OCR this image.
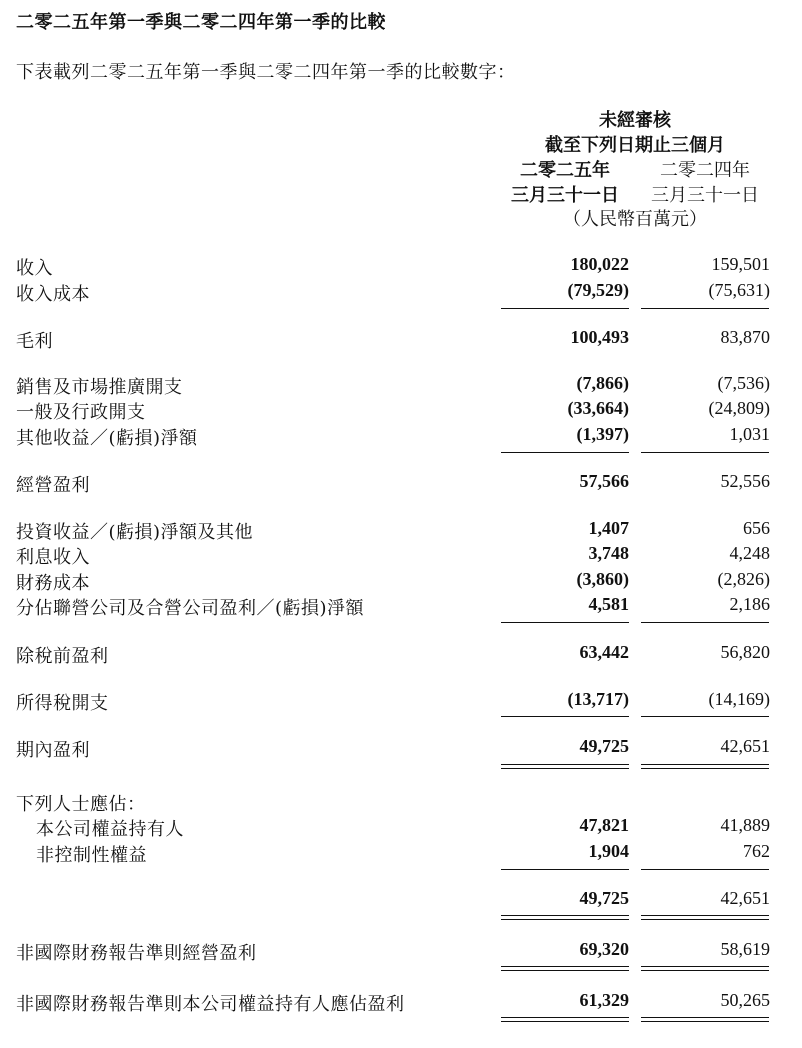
二零二五年第一季與二零二四年第一季的比較
下表載列二零二五年第一季與二零二四年第一季的比較數字：
未經審核
截至下列日期止三個月
二零二五年	二零二四年
三月三十一日	三月三十一日
（人民幣百萬元）
收入	180,022	159,501
收入成本	(79,529)	(75,631)
毛利	100,493	83,870
銷售及市場推廣開支	(7,866)	(7,536)
一般及行政開支	(33,664)	(24,809)
其他收益／(虧損)淨額	(1,397)	1,031
經營盈利	57,566	52,556
投資收益／(虧損)淨額及其他	1,407	656
利息收入	3,748	4,248
財務成本	(3,860)	(2,826)
分佔聯營公司及合營公司盈利／(虧損)淨額	4,581	2,186
除稅前盈利	63,442	56,820
所得稅開支	(13,717)	(14,169)
期內盈利	49,725	42,651
下列人士應佔：
本公司權益持有人	47,821	41,889
非控制性權益	1,904	762
49,725	42,651
非國際財務報告準則經營盈利	69,320	58,619
非國際財務報告準則本公司權益持有人應佔盈利	61,329	50,265
